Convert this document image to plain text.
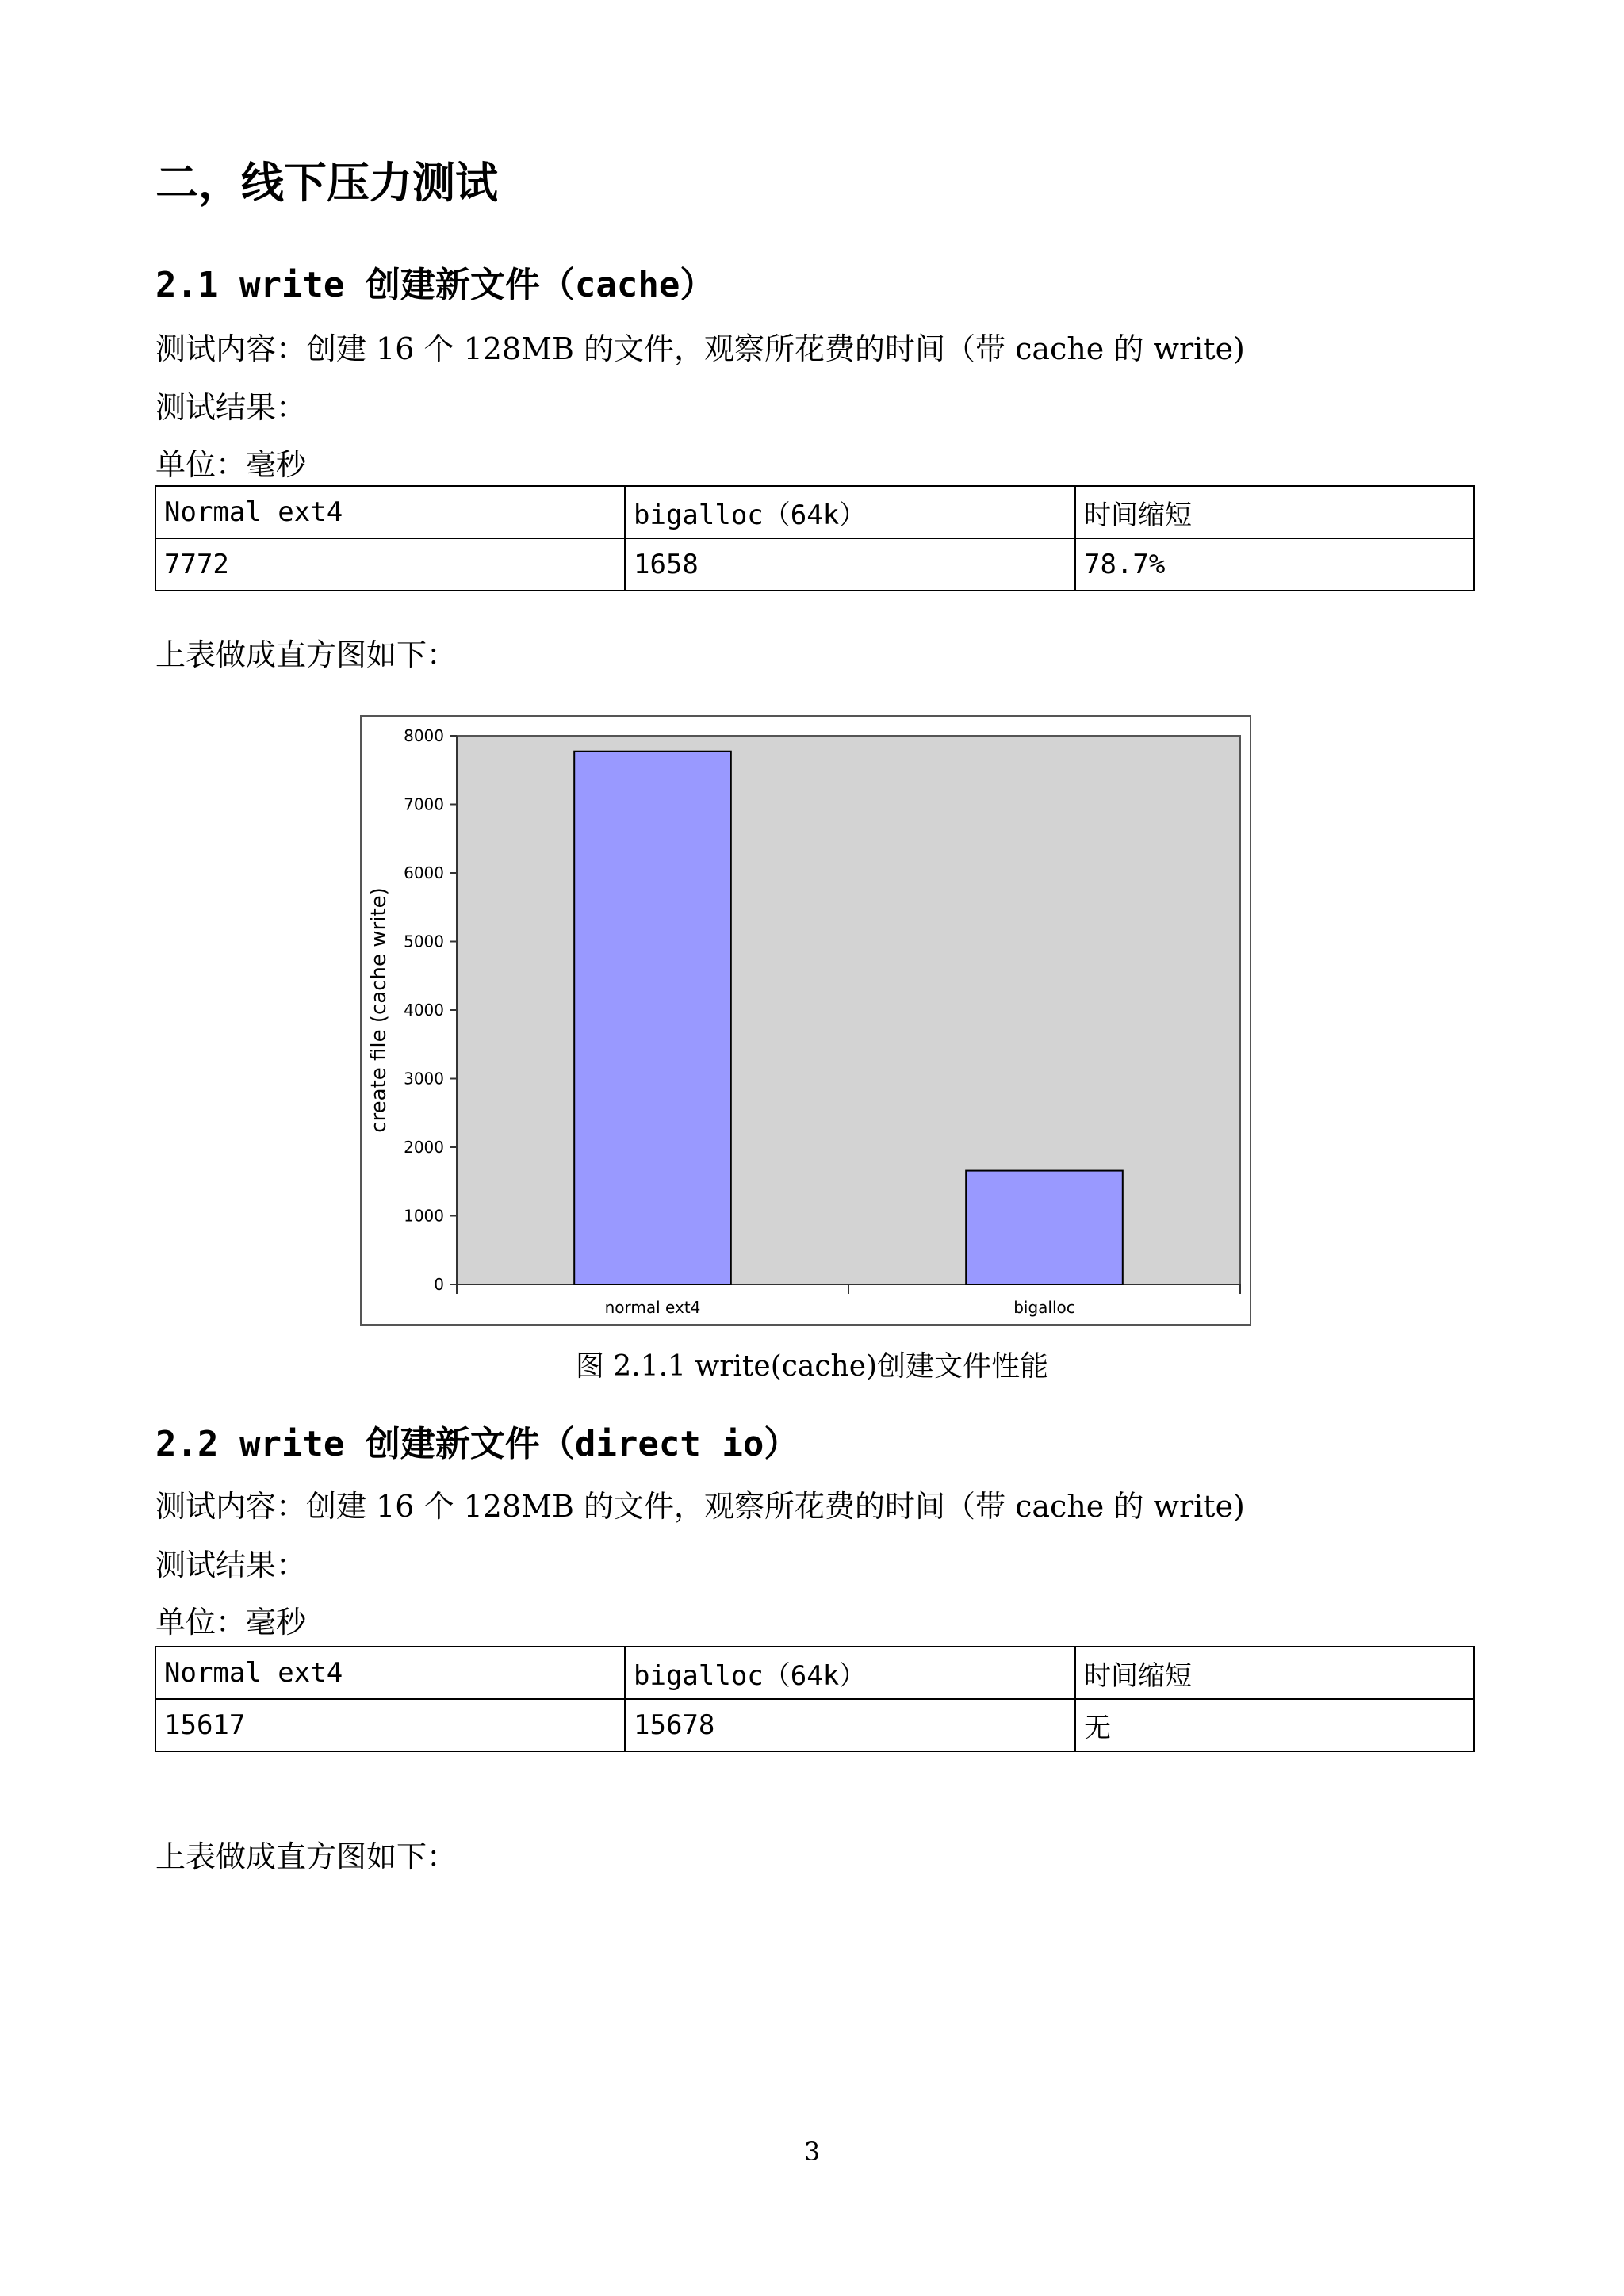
二，线下压力测试
2.1 write 创建新文件（cache）

测试内容：创建 16 个 128MB 的文件，观察所花费的时间（带 cache 的 write)

测试结果：

单位：毫秒

Normal ext4	bigalloc（64k）	时间缩短
7772	1658	78.7%

上表做成直方图如下：

0
1000
2000
3000
4000
5000
6000
7000
8000
normal ext4	bigalloc
create file (cache write)

图 2.1.1 write(cache)创建文件性能

2.2 write 创建新文件（direct io）

测试内容：创建 16 个 128MB 的文件，观察所花费的时间（带 cache 的 write)

测试结果：

单位：毫秒

Normal ext4	bigalloc（64k）	时间缩短
15617	15678	无

上表做成直方图如下：

3
